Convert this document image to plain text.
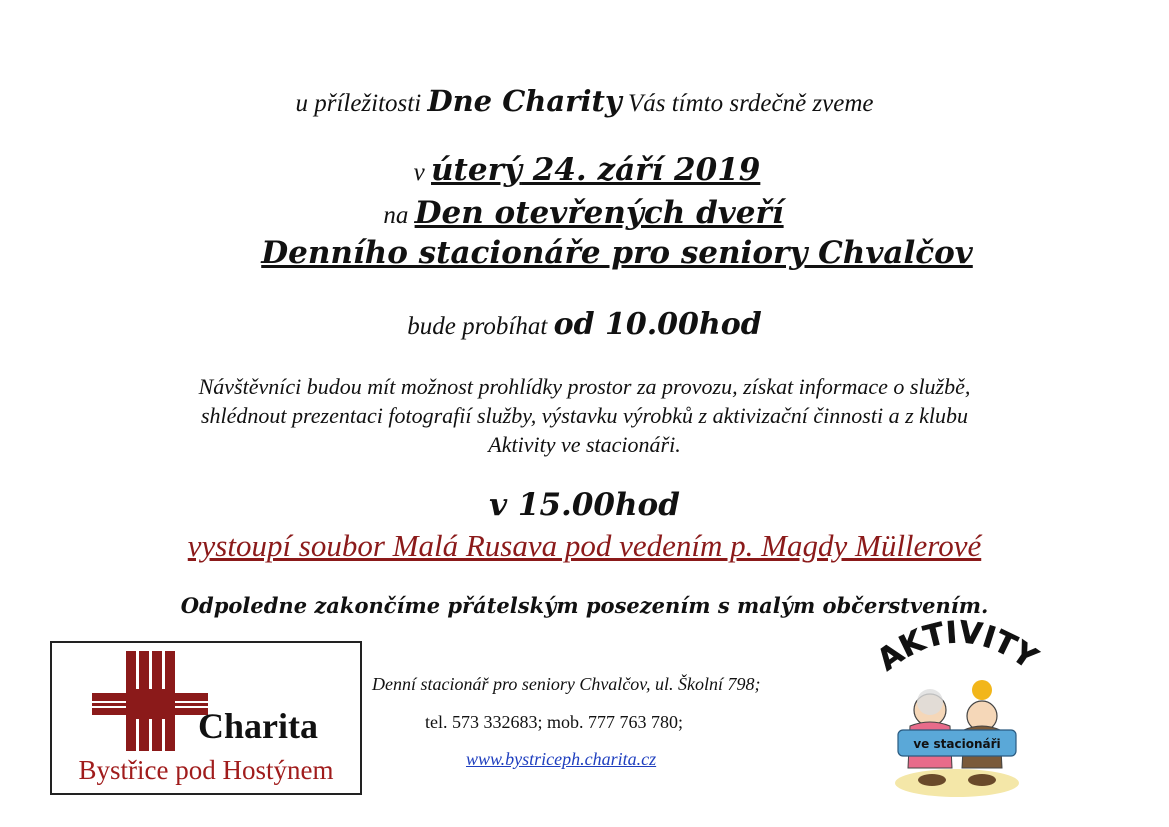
u příležitosti Dne Charity Vás tímto srdečně zveme
v úterý 24. září 2019
na Den otevřených dveří
Denního stacionáře pro seniory Chvalčov
bude probíhat od 10.00hod
Návštěvníci budou mít možnost prohlídky prostor za provozu, získat informace o službě,
shlédnout prezentaci fotografií služby, výstavku výrobků z aktivizační činnosti a z klubu
Aktivity ve stacionáři.
v 15.00hod
vystoupí soubor Malá Rusava pod vedením p. Magdy Müllerové
Odpoledne zakončíme přátelským posezením s malým občerstvením.
Charita
Bystřice pod Hostýnem
Denní stacionář pro seniory Chvalčov, ul. Školní 798;
tel. 573 332683; mob. 777 763 780;
www.bystriceph.charita.cz
AKTIVITY
ve stacionáři
